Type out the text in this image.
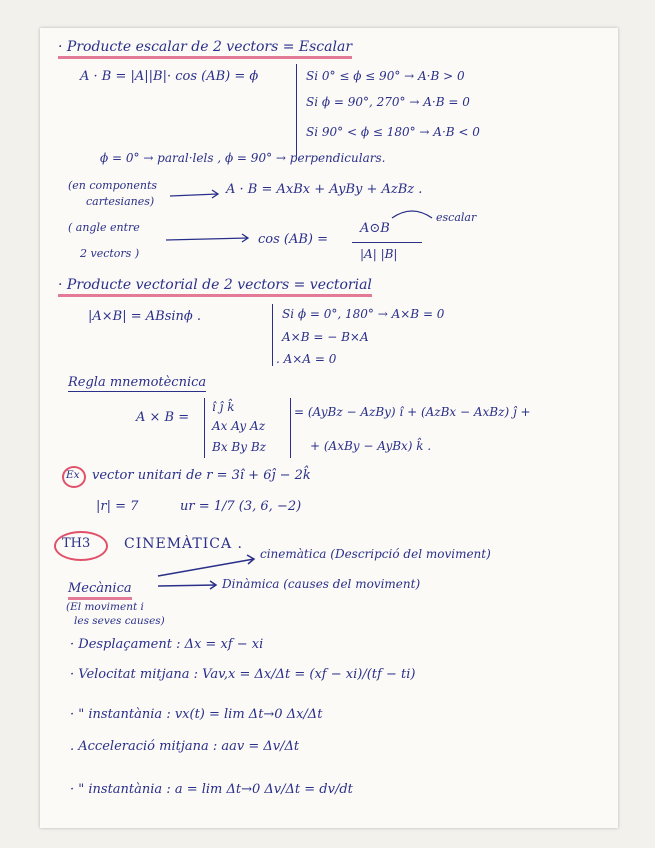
· Producte escalar de 2 vectors = Escalar
A · B = |A||B|· cos (AB) = ϕ	Si 0° ≤ ϕ ≤ 90° → A·B > 0
Si ϕ = 90°, 270° → A·B = 0
Si 90° < ϕ ≤ 180° → A·B < 0
ϕ = 0° → paral·lels , ϕ = 90° → perpendiculars.
(en components
cartesianes)
A · B = AxBx + AyBy + AzBz .
( angle entre
2 vectors )
cos (AB) =
A⊙B
|A| |B|
escalar
· Producte vectorial de 2 vectors = vectorial
|A×B| = ABsinϕ .	Si ϕ = 0°, 180° → A×B = 0
A×B = − B×A
. A×A = 0
Regla mnemotècnica
A × B =
î ĵ k̂
Ax Ay Az
Bx By Bz
= (AyBz − AzBy) î + (AzBx − AxBz) ĵ +
+ (AxBy − AyBx) k̂ .
Ex vector unitari de r = 3î + 6ĵ − 2k̂
|r| = 7	ur = 1/7 (3, 6, −2)
TH3 CINEMÀTICA .
cinemàtica (Descripció del moviment)
Mecànica	Dinàmica (causes del moviment)
(El moviment i
les seves causes)
· Desplaçament : Δx = xf − xi
· Velocitat mitjana : Vav,x = Δx/Δt = (xf − xi)/(tf − ti)
· " instantània : vx(t) = lim Δt→0 Δx/Δt
. Acceleració mitjana : aav = Δv/Δt
· " instantània : a = lim Δt→0 Δv/Δt = dv/dt
